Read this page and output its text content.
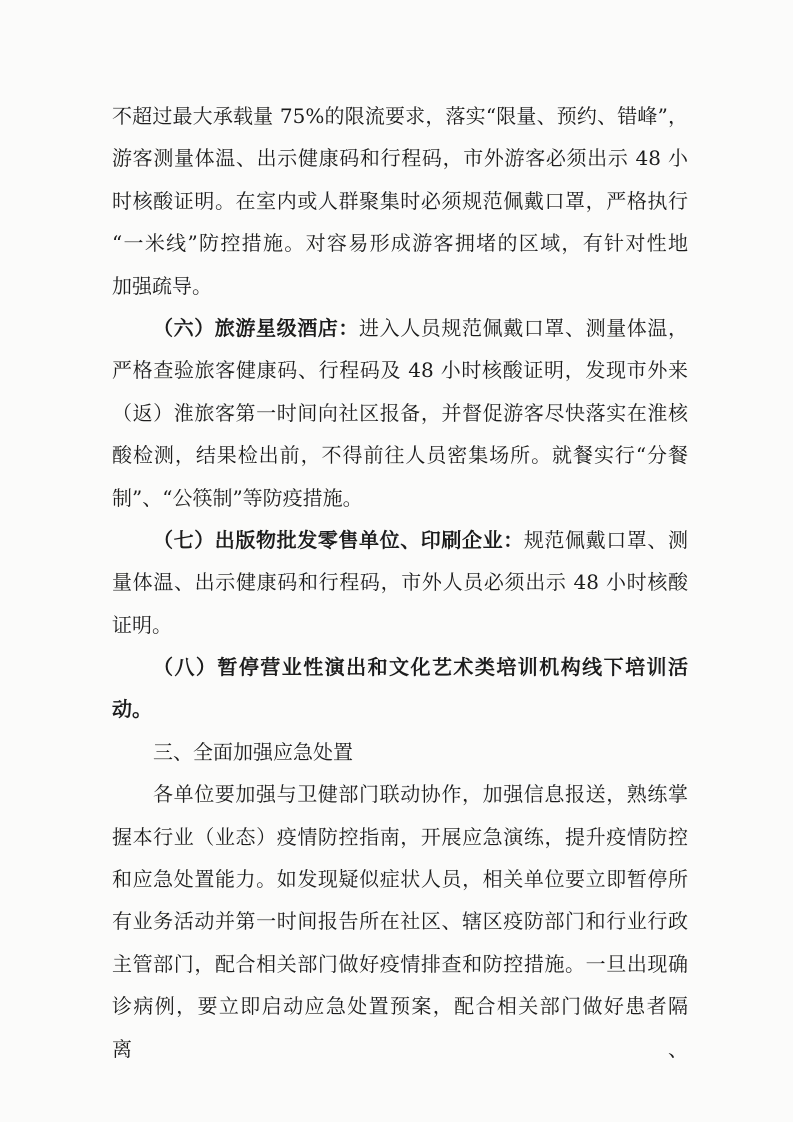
不超过最大承载量 75%的限流要求，落实“限量、预约、错峰”，
游客测量体温、出示健康码和行程码，市外游客必须出示 48 小
时核酸证明。在室内或人群聚集时必须规范佩戴口罩，严格执行
“一米线”防控措施。对容易形成游客拥堵的区域，有针对性地
加强疏导。
（六）旅游星级酒店：进入人员规范佩戴口罩、测量体温，
严格查验旅客健康码、行程码及 48 小时核酸证明，发现市外来
（返）淮旅客第一时间向社区报备，并督促游客尽快落实在淮核
酸检测，结果检出前，不得前往人员密集场所。就餐实行“分餐
制”、“公筷制”等防疫措施。
（七）出版物批发零售单位、印刷企业：规范佩戴口罩、测
量体温、出示健康码和行程码，市外人员必须出示 48 小时核酸
证明。
（八）暂停营业性演出和文化艺术类培训机构线下培训活
动。
三、全面加强应急处置
各单位要加强与卫健部门联动协作，加强信息报送，熟练掌
握本行业（业态）疫情防控指南，开展应急演练，提升疫情防控
和应急处置能力。如发现疑似症状人员，相关单位要立即暂停所
有业务活动并第一时间报告所在社区、辖区疫防部门和行业行政
主管部门，配合相关部门做好疫情排查和防控措施。一旦出现确
诊病例，要立即启动应急处置预案，配合相关部门做好患者隔离、
